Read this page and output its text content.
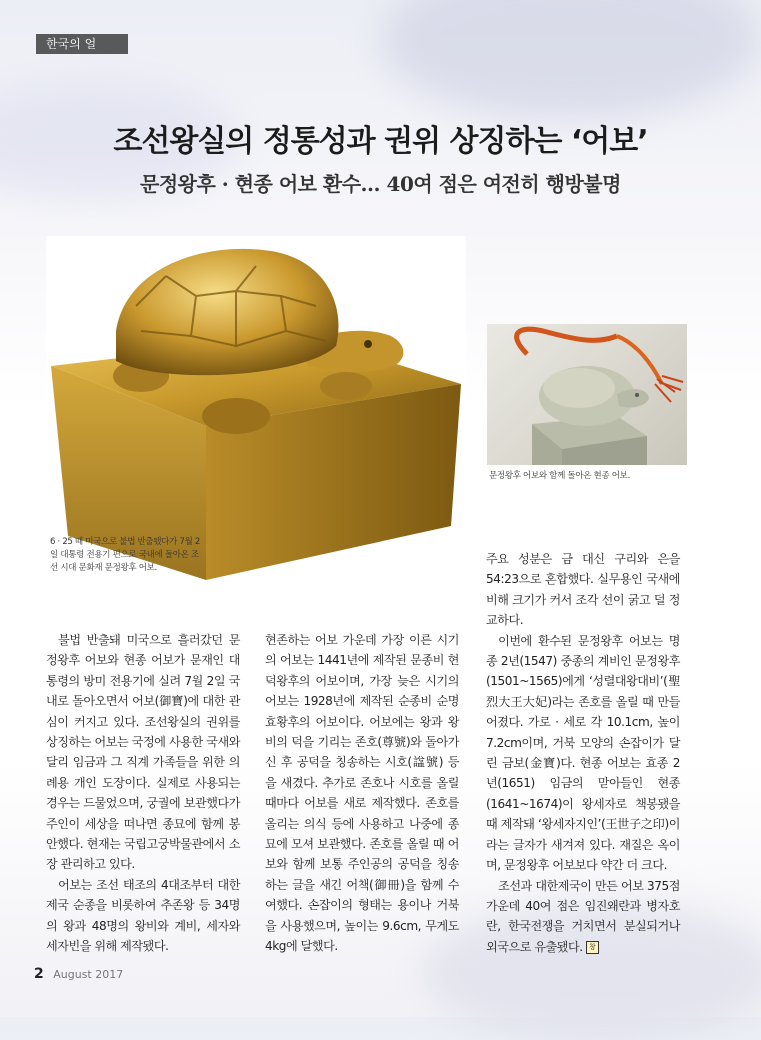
한국의 얼
조선왕실의 정통성과 권위 상징하는 ‘어보’
문정왕후 · 현종 어보 환수… 40여 점은 여전히 행방불명
6 · 25 때 미국으로 불법 반출됐다가 7월 2일 대통령 전용기 편으로 국내에 돌아온 조선 시대 문화재 문정왕후 어보.
문정왕후 어보와 함께 돌아온 현종 어보.

불법 반출돼 미국으로 흘러갔던 문정왕후 어보와 현종 어보가 문재인 대통령의 방미 전용기에 실려 7월 2일 국내로 돌아오면서 어보(御寶)에 대한 관심이 커지고 있다. 조선왕실의 권위를 상징하는 어보는 국정에 사용한 국새와 달리 임금과 그 직계 가족들을 위한 의례용 개인 도장이다. 실제로 사용되는 경우는 드물었으며, 궁궐에 보관했다가 주인이 세상을 떠나면 종묘에 함께 봉안했다. 현재는 국립고궁박물관에서 소장 관리하고 있다.

어보는 조선 태조의 4대조부터 대한제국 순종을 비롯하여 추존왕 등 34명의 왕과 48명의 왕비와 계비, 세자와 세자빈을 위해 제작됐다.

현존하는 어보 가운데 가장 이른 시기의 어보는 1441년에 제작된 문종비 현덕왕후의 어보이며, 가장 늦은 시기의 어보는 1928년에 제작된 순종비 순명효황후의 어보이다. 어보에는 왕과 왕비의 덕을 기리는 존호(尊號)와 돌아가신 후 공덕을 칭송하는 시호(諡號) 등을 새겼다. 추가로 존호나 시호를 올릴 때마다 어보를 새로 제작했다. 존호를 올리는 의식 등에 사용하고 나중에 종묘에 모셔 보관했다. 존호를 올릴 때 어보와 함께 보통 주인공의 공덕을 칭송하는 글을 새긴 어책(御冊)을 함께 수여했다. 손잡이의 형태는 용이나 거북을 사용했으며, 높이는 9.6cm, 무게도 4kg에 달했다.

주요 성분은 금 대신 구리와 은을 54:23으로 혼합했다. 실무용인 국새에 비해 크기가 커서 조각 선이 굵고 덜 정교하다.

이번에 환수된 문정왕후 어보는 명종 2년(1547) 중종의 계비인 문정왕후(1501~1565)에게 ‘성렬대왕대비’(聖烈大王大妃)라는 존호를 올릴 때 만들어졌다. 가로 · 세로 각 10.1cm, 높이 7.2cm이며, 거북 모양의 손잡이가 달린 금보(金寶)다. 현종 어보는 효종 2년(1651) 임금의 맏아들인 현종(1641~1674)이 왕세자로 책봉됐을 때 제작돼 ‘왕세자지인’(王世子之印)이라는 글자가 새겨져 있다. 재질은 옥이며, 문정왕후 어보보다 약간 더 크다.

조선과 대한제국이 만든 어보 375점 가운데 40여 점은 임진왜란과 병자호란, 한국전쟁을 거치면서 분실되거나 외국으로 유출됐다. 창

2 August 2017
